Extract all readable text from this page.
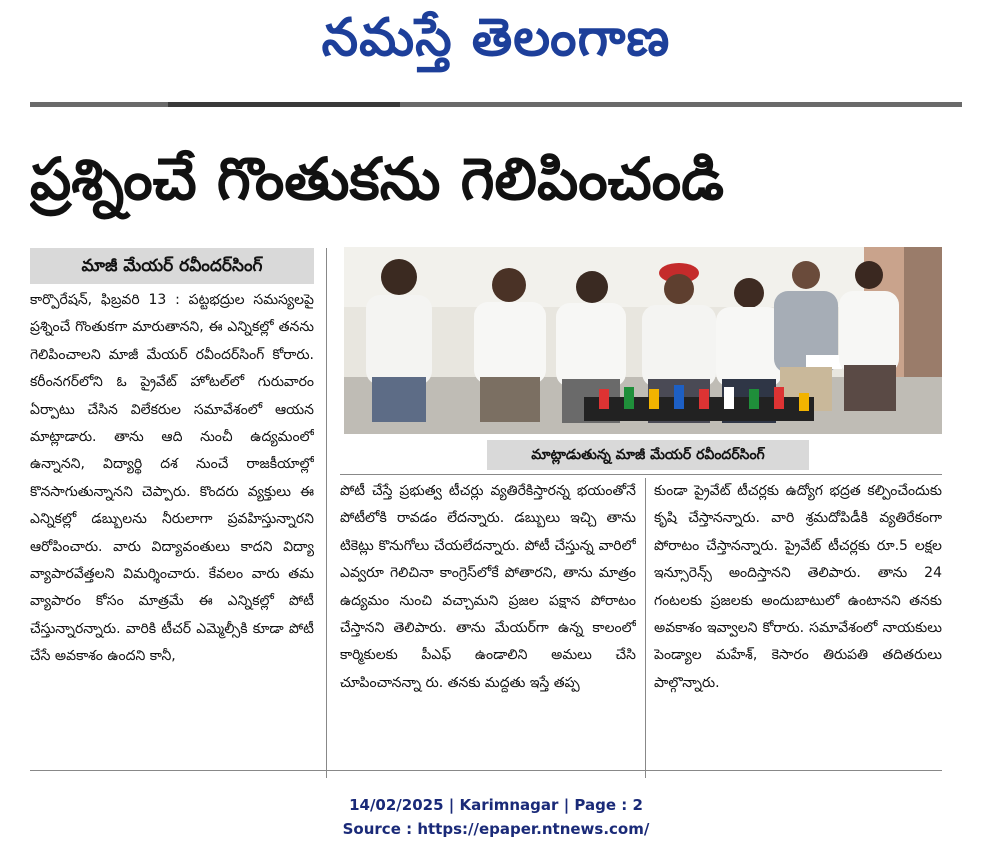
నమస్తే తెలంగాణ
ప్రశ్నించే గొంతుకను గెలిపించండి
మాజీ మేయర్ రవీందర్‌సింగ్

కార్పొరేషన్, ఫిబ్రవరి 13 : పట్టభద్రుల సమస్యలపై ప్రశ్నించే గొంతుకగా మారుతానని, ఈ ఎన్నికల్లో తనను గెలిపించాలని మాజీ మేయర్ రవీందర్‌సింగ్ కోరారు. కరీంనగర్‌లోని ఓ ప్రైవేట్ హోటల్‌లో గురువారం ఏర్పాటు చేసిన విలేకరుల సమావేశంలో ఆయన మాట్లాడారు. తాను ఆది నుంచీ ఉద్యమంలో ఉన్నానని, విద్యార్థి దశ నుంచే రాజకీయాల్లో కొనసాగుతున్నానని చెప్పారు. కొందరు వ్యక్తులు ఈ ఎన్నికల్లో డబ్బులను నీరులాగా ప్రవహిస్తున్నారని ఆరోపించారు. వారు విద్యావంతులు కాదని విద్యా వ్యాపారవేత్తలని విమర్శించారు. కేవలం వారు తమ వ్యాపారం కోసం మాత్రమే ఈ ఎన్నికల్లో పోటీ చేస్తున్నారన్నారు. వారికి టీచర్ ఎమ్మెల్సీకి కూడా పోటీ చేసే అవకాశం ఉందని కానీ,

మాట్లాడుతున్న మాజీ మేయర్ రవీందర్‌సింగ్

పోటీ చేస్తే ప్రభుత్వ టీచర్లు వ్యతిరేకిస్తారన్న భయంతోనే పోటీలోకి రావడం లేదన్నారు. డబ్బులు ఇచ్చి తాను టికెట్లు కొనుగోలు చేయలేదన్నారు. పోటీ చేస్తున్న వారిలో ఎవ్వరూ గెలిచినా కాంగ్రెస్‌లోకే పోతారని, తాను మాత్రం ఉద్యమం నుంచి వచ్చామని ప్రజల పక్షాన పోరాటం చేస్తానని తెలిపారు. తాను మేయర్‌గా ఉన్న కాలంలో కార్మికులకు పీఎఫ్ ఉండాలిని అమలు చేసి చూపించానన్నా రు. తనకు మద్దతు ఇస్తే తప్ప

కుండా ప్రైవేట్ టీచర్లకు ఉద్యోగ భద్రత కల్పించేందుకు కృషి చేస్తానన్నారు. వారి శ్రమదోపిడీకి వ్యతిరేకంగా పోరాటం చేస్తానన్నారు. ప్రైవేట్ టీచర్లకు రూ.5 లక్షల ఇన్సూరెన్స్ అందిస్తానని తెలిపారు. తాను 24 గంటలకు ప్రజలకు అందుబాటులో ఉంటానని తనకు అవకాశం ఇవ్వాలని కోరారు. సమావేశంలో నాయకులు పెండ్యాల మహేశ్, కెసారం తిరుపతి తదితరులు పాల్గొన్నారు.

14/02/2025 | Karimnagar | Page : 2
Source : https://epaper.ntnews.com/
